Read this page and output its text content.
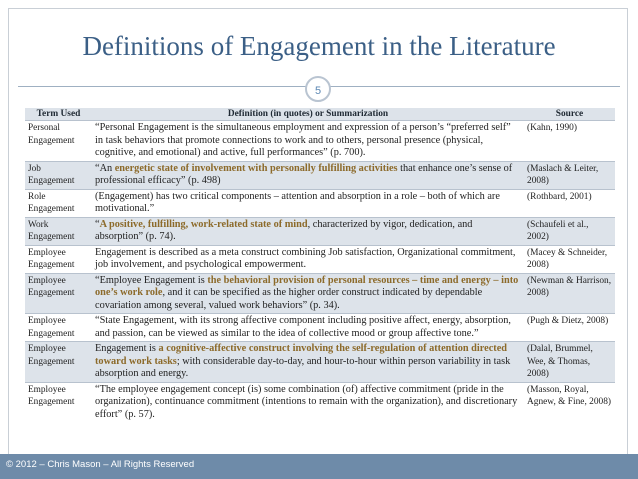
Definitions of Engagement in the Literature
5
Term Used	Definition (in quotes) or Summarization	Source
Personal Engagement	“Personal Engagement is the simultaneous employment and expression of a person’s “preferred self” in task behaviors that promote connections to work and to others, personal presence (physical, cognitive, and emotional) and active, full performances” (p. 700).	(Kahn, 1990)
Job Engagement	“An energetic state of involvement with personally fulfilling activities that enhance one’s sense of professional efficacy” (p. 498)	(Maslach & Leiter, 2008)
Role Engagement	(Engagement) has two critical components – attention and absorption in a role – both of which are motivational.”	(Rothbard, 2001)
Work Engagement	“A positive, fulfilling, work-related state of mind, characterized by vigor, dedication, and absorption” (p. 74).	(Schaufeli et al., 2002)
Employee Engagement	Engagement is described as a meta construct combining Job satisfaction, Organizational commitment, job involvement, and psychological empowerment.	(Macey & Schneider, 2008)
Employee Engagement	“Employee Engagement is the behavioral provision of personal resources – time and energy – into one’s work role, and it can be specified as the higher order construct indicated by dependable covariation among several, valued work behaviors” (p. 34).	(Newman & Harrison, 2008)
Employee Engagement	“State Engagement, with its strong affective component including positive affect, energy, absorption, and passion, can be viewed as similar to the idea of collective mood or group affective tone.”	(Pugh & Dietz, 2008)
Employee Engagement	Engagement is a cognitive-affective construct involving the self-regulation of attention directed toward work tasks; with considerable day-to-day, and hour-to-hour within person variability in task absorption and energy.	(Dalal, Brummel, Wee, & Thomas, 2008)
Employee Engagement	“The employee engagement concept (is) some combination (of) affective commitment (pride in the organization), continuance commitment (intentions to remain with the organization), and discretionary effort” (p. 57).	(Masson, Royal, Agnew, & Fine, 2008)
© 2012 – Chris Mason – All Rights Reserved
